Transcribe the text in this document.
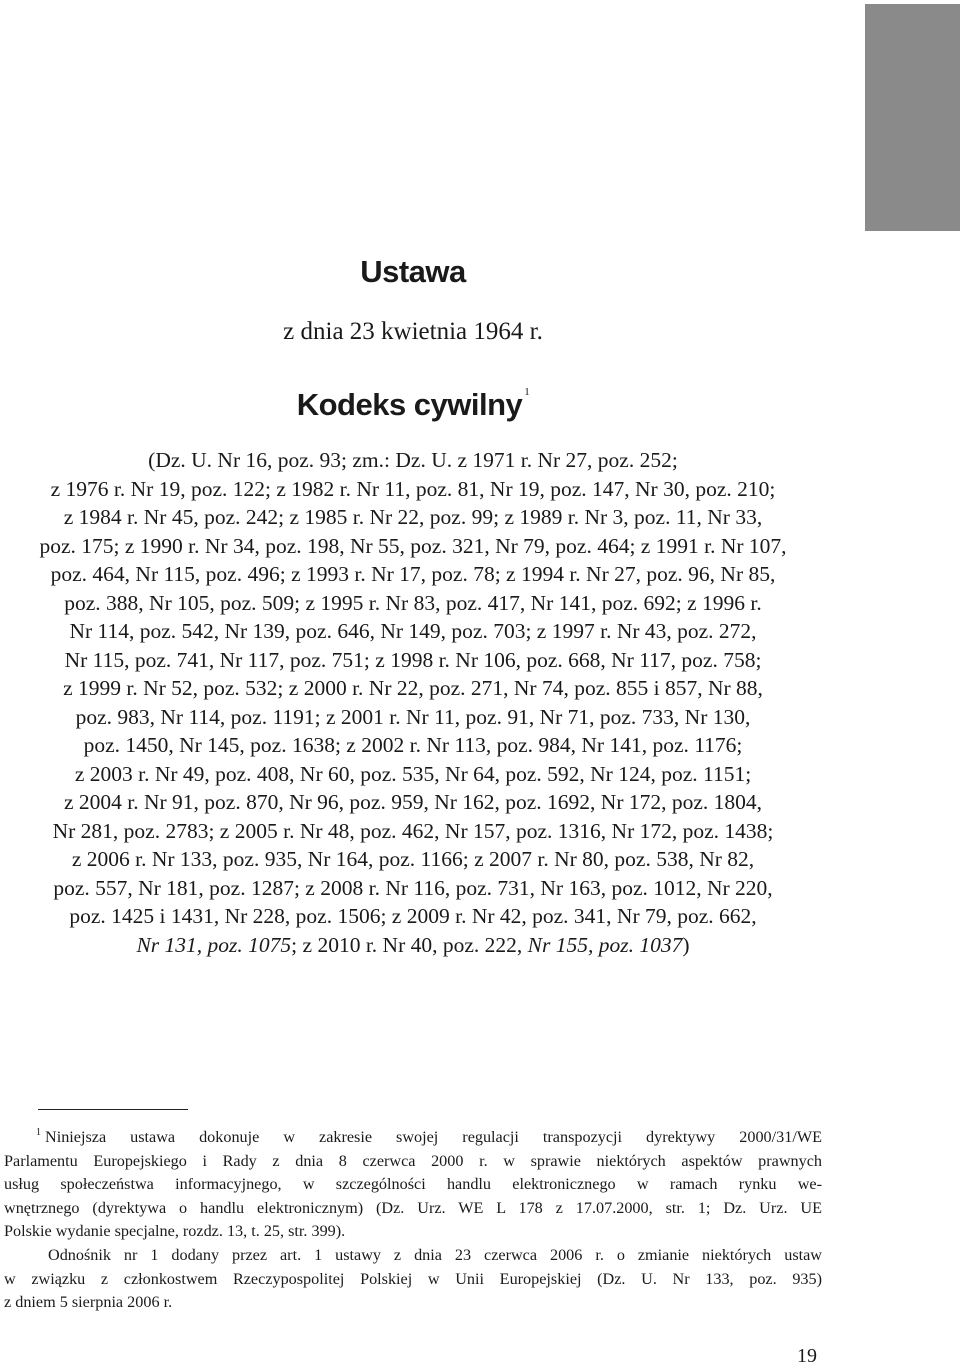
Ustawa
z dnia 23 kwietnia 1964 r.
Kodeks cywilny $^1$
(Dz. U. Nr 16, poz. 93; zm.: Dz. U. z 1971 r. Nr 27, poz. 252;
z 1976 r. Nr 19, poz. 122; z 1982 r. Nr 11, poz. 81, Nr 19, poz. 147, Nr 30, poz. 210;
z 1984 r. Nr 45, poz. 242; z 1985 r. Nr 22, poz. 99; z 1989 r. Nr 3, poz. 11, Nr 33,
poz. 175; z 1990 r. Nr 34, poz. 198, Nr 55, poz. 321, Nr 79, poz. 464; z 1991 r. Nr 107,
poz. 464, Nr 115, poz. 496; z 1993 r. Nr 17, poz. 78; z 1994 r. Nr 27, poz. 96, Nr 85,
poz. 388, Nr 105, poz. 509; z 1995 r. Nr 83, poz. 417, Nr 141, poz. 692; z 1996 r.
Nr 114, poz. 542, Nr 139, poz. 646, Nr 149, poz. 703; z 1997 r. Nr 43, poz. 272,
Nr 115, poz. 741, Nr 117, poz. 751; z 1998 r. Nr 106, poz. 668, Nr 117, poz. 758;
z 1999 r. Nr 52, poz. 532; z 2000 r. Nr 22, poz. 271, Nr 74, poz. 855 i 857, Nr 88,
poz. 983, Nr 114, poz. 1191; z 2001 r. Nr 11, poz. 91, Nr 71, poz. 733, Nr 130,
poz. 1450, Nr 145, poz. 1638; z 2002 r. Nr 113, poz. 984, Nr 141, poz. 1176;
z 2003 r. Nr 49, poz. 408, Nr 60, poz. 535, Nr 64, poz. 592, Nr 124, poz. 1151;
z 2004 r. Nr 91, poz. 870, Nr 96, poz. 959, Nr 162, poz. 1692, Nr 172, poz. 1804,
Nr 281, poz. 2783; z 2005 r. Nr 48, poz. 462, Nr 157, poz. 1316, Nr 172, poz. 1438;
z 2006 r. Nr 133, poz. 935, Nr 164, poz. 1166; z 2007 r. Nr 80, poz. 538, Nr 82,
poz. 557, Nr 181, poz. 1287; z 2008 r. Nr 116, poz. 731, Nr 163, poz. 1012, Nr 220,
poz. 1425 i 1431, Nr 228, poz. 1506; z 2009 r. Nr 42, poz. 341, Nr 79, poz. 662,
Nr 131, poz. 1075; z 2010 r. Nr 40, poz. 222, Nr 155, poz. 1037)
$^1$ Niniejsza ustawa dokonuje w zakresie swojej regulacji transpozycji dyrektywy 2000/31/WE
Parlamentu Europejskiego i Rady z dnia 8 czerwca 2000 r. w sprawie niektórych aspektów prawnych
usług społeczeństwa informacyjnego, w szczególności handlu elektronicznego w ramach rynku we-
wnętrznego (dyrektywa o handlu elektronicznym) (Dz. Urz. WE L 178 z 17.07.2000, str. 1; Dz. Urz. UE
Polskie wydanie specjalne, rozdz. 13, t. 25, str. 399).
Odnośnik nr 1 dodany przez art. 1 ustawy z dnia 23 czerwca 2006 r. o zmianie niektórych ustaw
w związku z członkostwem Rzeczypospolitej Polskiej w Unii Europejskiej (Dz. U. Nr 133, poz. 935)
z dniem 5 sierpnia 2006 r.
19
